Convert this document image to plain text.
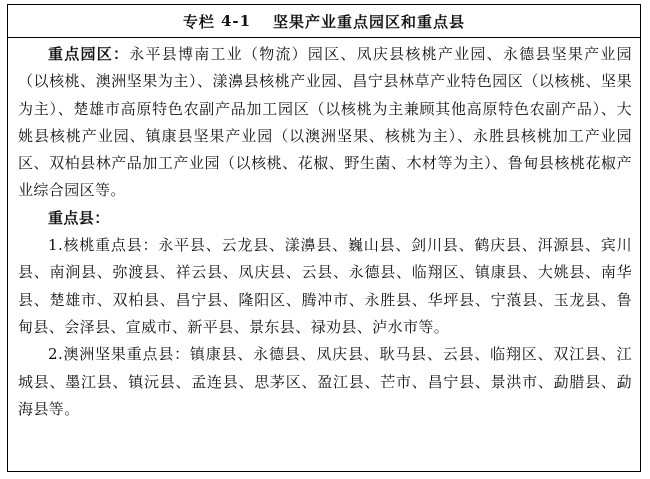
专栏 4-1 坚果产业重点园区和重点县

重点园区：永平县博南工业（物流）园区、凤庆县核桃产业园、永德县坚果产业园（以核桃、澳洲坚果为主）、漾濞县核桃产业园、昌宁县林草产业特色园区（以核桃、坚果为主）、楚雄市高原特色农副产品加工园区（以核桃为主兼顾其他高原特色农副产品）、大姚县核桃产业园、镇康县坚果产业园（以澳洲坚果、核桃为主）、永胜县核桃加工产业园区、双柏县林产品加工产业园（以核桃、花椒、野生菌、木材等为主）、鲁甸县核桃花椒产业综合园区等。

重点县：

1.核桃重点县：永平县、云龙县、漾濞县、巍山县、剑川县、鹤庆县、洱源县、宾川县、南涧县、弥渡县、祥云县、凤庆县、云县、永德县、临翔区、镇康县、大姚县、南华县、楚雄市、双柏县、昌宁县、隆阳区、腾冲市、永胜县、华坪县、宁蒗县、玉龙县、鲁甸县、会泽县、宣威市、新平县、景东县、禄劝县、泸水市等。

2.澳洲坚果重点县：镇康县、永德县、凤庆县、耿马县、云县、临翔区、双江县、江城县、墨江县、镇沅县、孟连县、思茅区、盈江县、芒市、昌宁县、景洪市、勐腊县、勐海县等。
